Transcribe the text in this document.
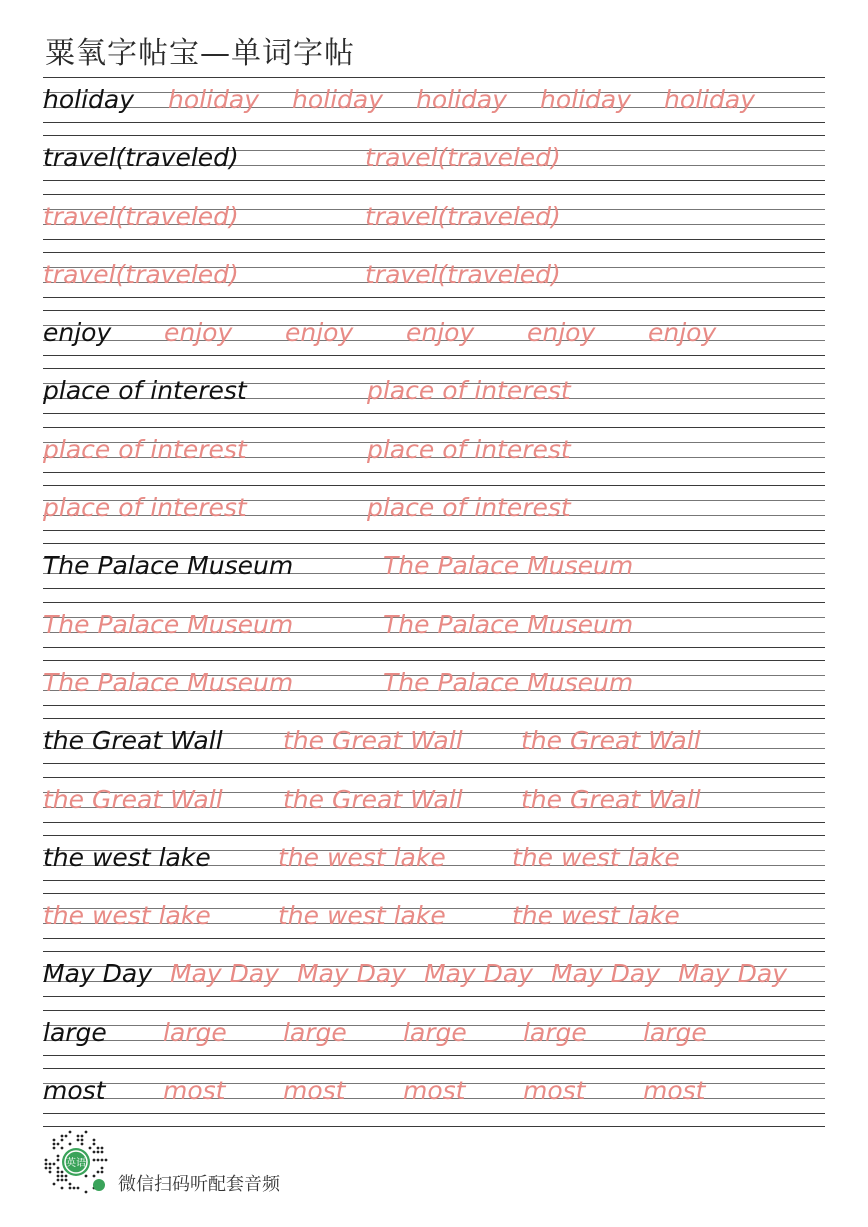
粟氧字帖宝—单词字帖
holiday holiday holiday holiday holiday holiday
travel(traveled)	travel(traveled)
travel(traveled)	travel(traveled)
travel(traveled)	travel(traveled)
enjoy enjoy enjoy enjoy enjoy enjoy
place of interest	place of interest
place of interest	place of interest
place of interest	place of interest
The Palace Museum	The Palace Museum
The Palace Museum	The Palace Museum
The Palace Museum	The Palace Museum
the Great Wall the Great Wall the Great Wall
the Great Wall the Great Wall the Great Wall
the west lake	the west lake	the west lake
the west lake	the west lake	the west lake
May Day May Day May Day May Day May Day May Day
large large large large large large
most most most most most most
英语
微信扫码听配套音频
